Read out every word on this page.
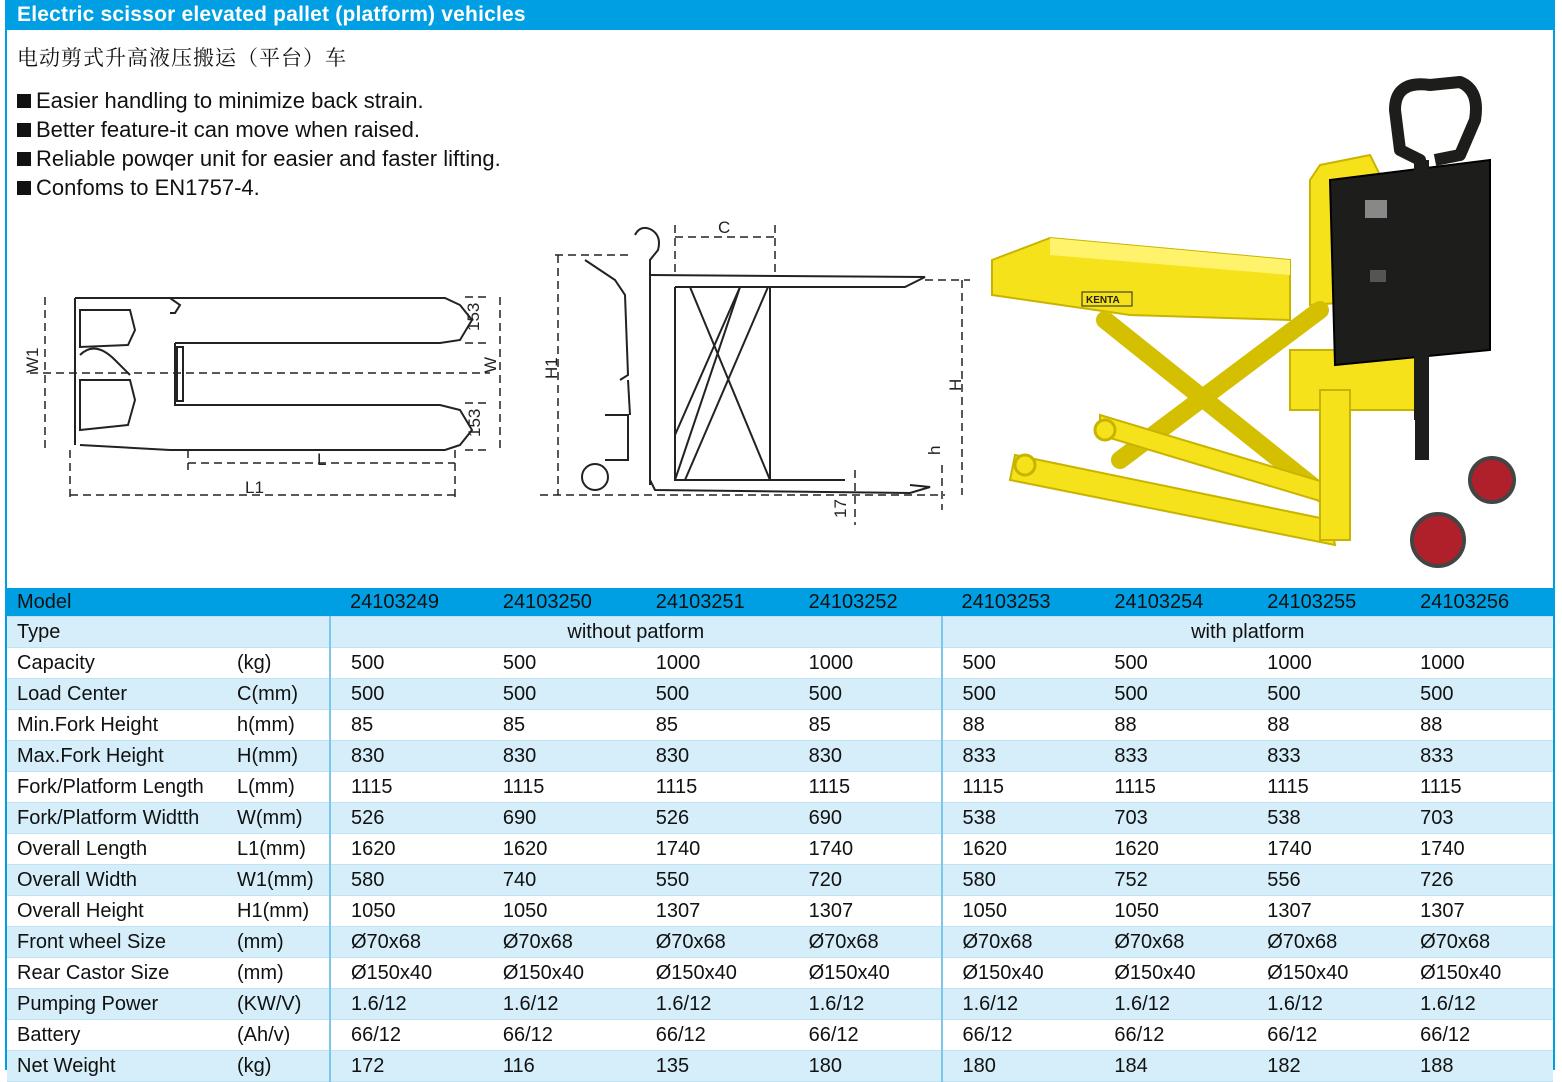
Electric scissor elevated pallet (platform) vehicles
电动剪式升高液压搬运（平台）车
Easier handling to minimize back strain.
Better feature-it can move when raised.
Reliable powqer unit for easier and faster lifting.
Confoms to EN1757-4.
W1	W
153
153
L
L1
C
H1
H
h
17
KENTA
Model		24103249	24103250	24103251	24103252	24103253	24103254	24103255	24103256
Type		without patform				with platform			
Capacity	(kg)	500	500	1000	1000	500	500	1000	1000
Load Center	C(mm)	500	500	500	500	500	500	500	500
Min.Fork Height	h(mm)	85	85	85	85	88	88	88	88
Max.Fork Height	H(mm)	830	830	830	830	833	833	833	833
Fork/Platform Length	L(mm)	1115	1115	1115	1115	1115	1115	1115	1115
Fork/Platform Widtth	W(mm)	526	690	526	690	538	703	538	703
Overall Length	L1(mm)	1620	1620	1740	1740	1620	1620	1740	1740
Overall Width	W1(mm)	580	740	550	720	580	752	556	726
Overall Height	H1(mm)	1050	1050	1307	1307	1050	1050	1307	1307
Front wheel Size	(mm)	Ø70x68	Ø70x68	Ø70x68	Ø70x68	Ø70x68	Ø70x68	Ø70x68	Ø70x68
Rear Castor Size	(mm)	Ø150x40	Ø150x40	Ø150x40	Ø150x40	Ø150x40	Ø150x40	Ø150x40	Ø150x40
Pumping Power	(KW/V)	1.6/12	1.6/12	1.6/12	1.6/12	1.6/12	1.6/12	1.6/12	1.6/12
Battery	(Ah/v)	66/12	66/12	66/12	66/12	66/12	66/12	66/12	66/12
Net Weight	(kg)	172	116	135	180	180	184	182	188
